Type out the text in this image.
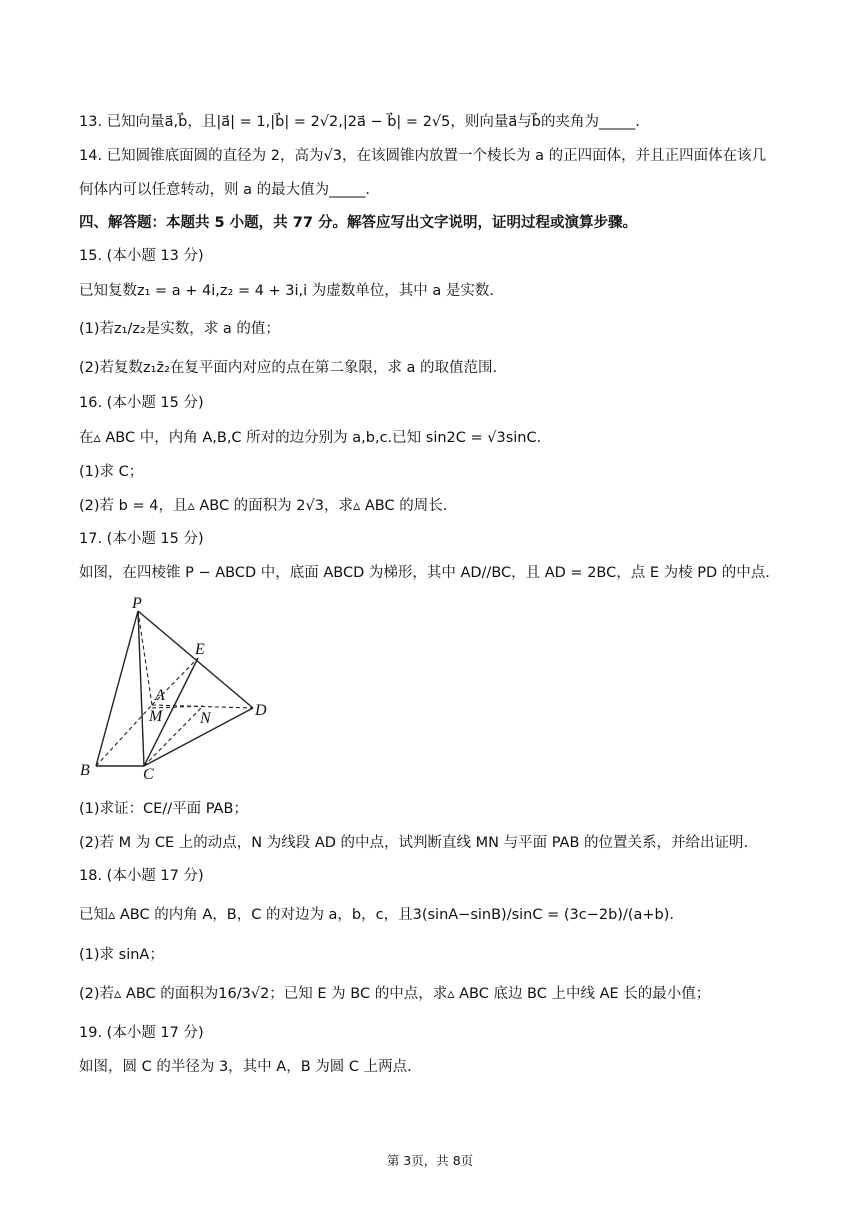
13. 已知向量a⃗,b⃗，且|a⃗| = 1,|b⃗| = 2√2,|2a⃗ − b⃗| = 2√5，则向量a⃗与b⃗的夹角为_____.
14. 已知圆锥底面圆的直径为 2，高为√3，在该圆锥内放置一个棱长为 a 的正四面体，并且正四面体在该几
何体内可以任意转动，则 a 的最大值为_____.
四、解答题：本题共 5 小题，共 77 分。解答应写出文字说明，证明过程或演算步骤。
15. (本小题 13 分)
已知复数z₁ = a + 4i,z₂ = 4 + 3i,i 为虚数单位，其中 a 是实数.
(1)若z₁/z₂是实数，求 a 的值；
(2)若复数z₁z̄₂在复平面内对应的点在第二象限，求 a 的取值范围.
16. (本小题 15 分)
在▵ ABC 中，内角 A,B,C 所对的边分别为 a,b,c.已知 sin2C = √3sinC.
(1)求 C；
(2)若 b = 4，且▵ ABC 的面积为 2√3，求▵ ABC 的周长.
17. (本小题 15 分)
如图，在四棱锥 P − ABCD 中，底面 ABCD 为梯形，其中 AD//BC，且 AD = 2BC，点 E 为棱 PD 的中点.
P
E
A
M N	D
B	C
(1)求证：CE//平面 PAB；
(2)若 M 为 CE 上的动点，N 为线段 AD 的中点，试判断直线 MN 与平面 PAB 的位置关系，并给出证明.
18. (本小题 17 分)
已知▵ ABC 的内角 A，B，C 的对边为 a，b，c，且3(sinA−sinB)/sinC = (3c−2b)/(a+b).
(1)求 sinA；
(2)若▵ ABC 的面积为16/3√2；已知 E 为 BC 的中点，求▵ ABC 底边 BC 上中线 AE 长的最小值；
19. (本小题 17 分)
如图，圆 C 的半径为 3，其中 A，B 为圆 C 上两点.
第 3页，共 8页
